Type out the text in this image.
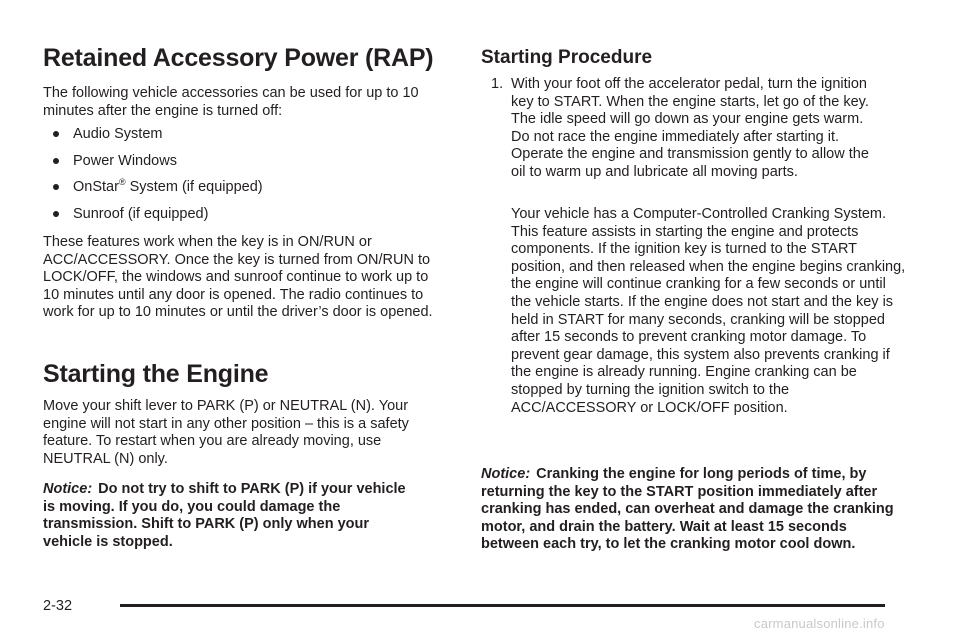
Retained Accessory Power (RAP)

The following vehicle accessories can be used for up to 10 minutes after the engine is turned off:

Audio System
Power Windows
OnStar® System (if equipped)
Sunroof (if equipped)

These features work when the key is in ON/RUN or ACC/ACCESSORY. Once the key is turned from ON/RUN to LOCK/OFF, the windows and sunroof continue to work up to 10 minutes until any door is opened. The radio continues to work for up to 10 minutes or until the driver’s door is opened.

Starting the Engine

Move your shift lever to PARK (P) or NEUTRAL (N). Your engine will not start in any other position – this is a safety feature. To restart when you are already moving, use NEUTRAL (N) only.

Notice: Do not try to shift to PARK (P) if your vehicle is moving. If you do, you could damage the transmission. Shift to PARK (P) only when your vehicle is stopped.

Starting Procedure

1. With your foot off the accelerator pedal, turn the ignition key to START. When the engine starts, let go of the key. The idle speed will go down as your engine gets warm. Do not race the engine immediately after starting it. Operate the engine and transmission gently to allow the oil to warm up and lubricate all moving parts.

Your vehicle has a Computer-Controlled Cranking System. This feature assists in starting the engine and protects components. If the ignition key is turned to the START position, and then released when the engine begins cranking, the engine will continue cranking for a few seconds or until the vehicle starts. If the engine does not start and the key is held in START for many seconds, cranking will be stopped after 15 seconds to prevent cranking motor damage. To prevent gear damage, this system also prevents cranking if the engine is already running. Engine cranking can be stopped by turning the ignition switch to the ACC/ACCESSORY or LOCK/OFF position.

Notice: Cranking the engine for long periods of time, by returning the key to the START position immediately after cranking has ended, can overheat and damage the cranking motor, and drain the battery. Wait at least 15 seconds between each try, to let the cranking motor cool down.

2-32
carmanualsonline.info
